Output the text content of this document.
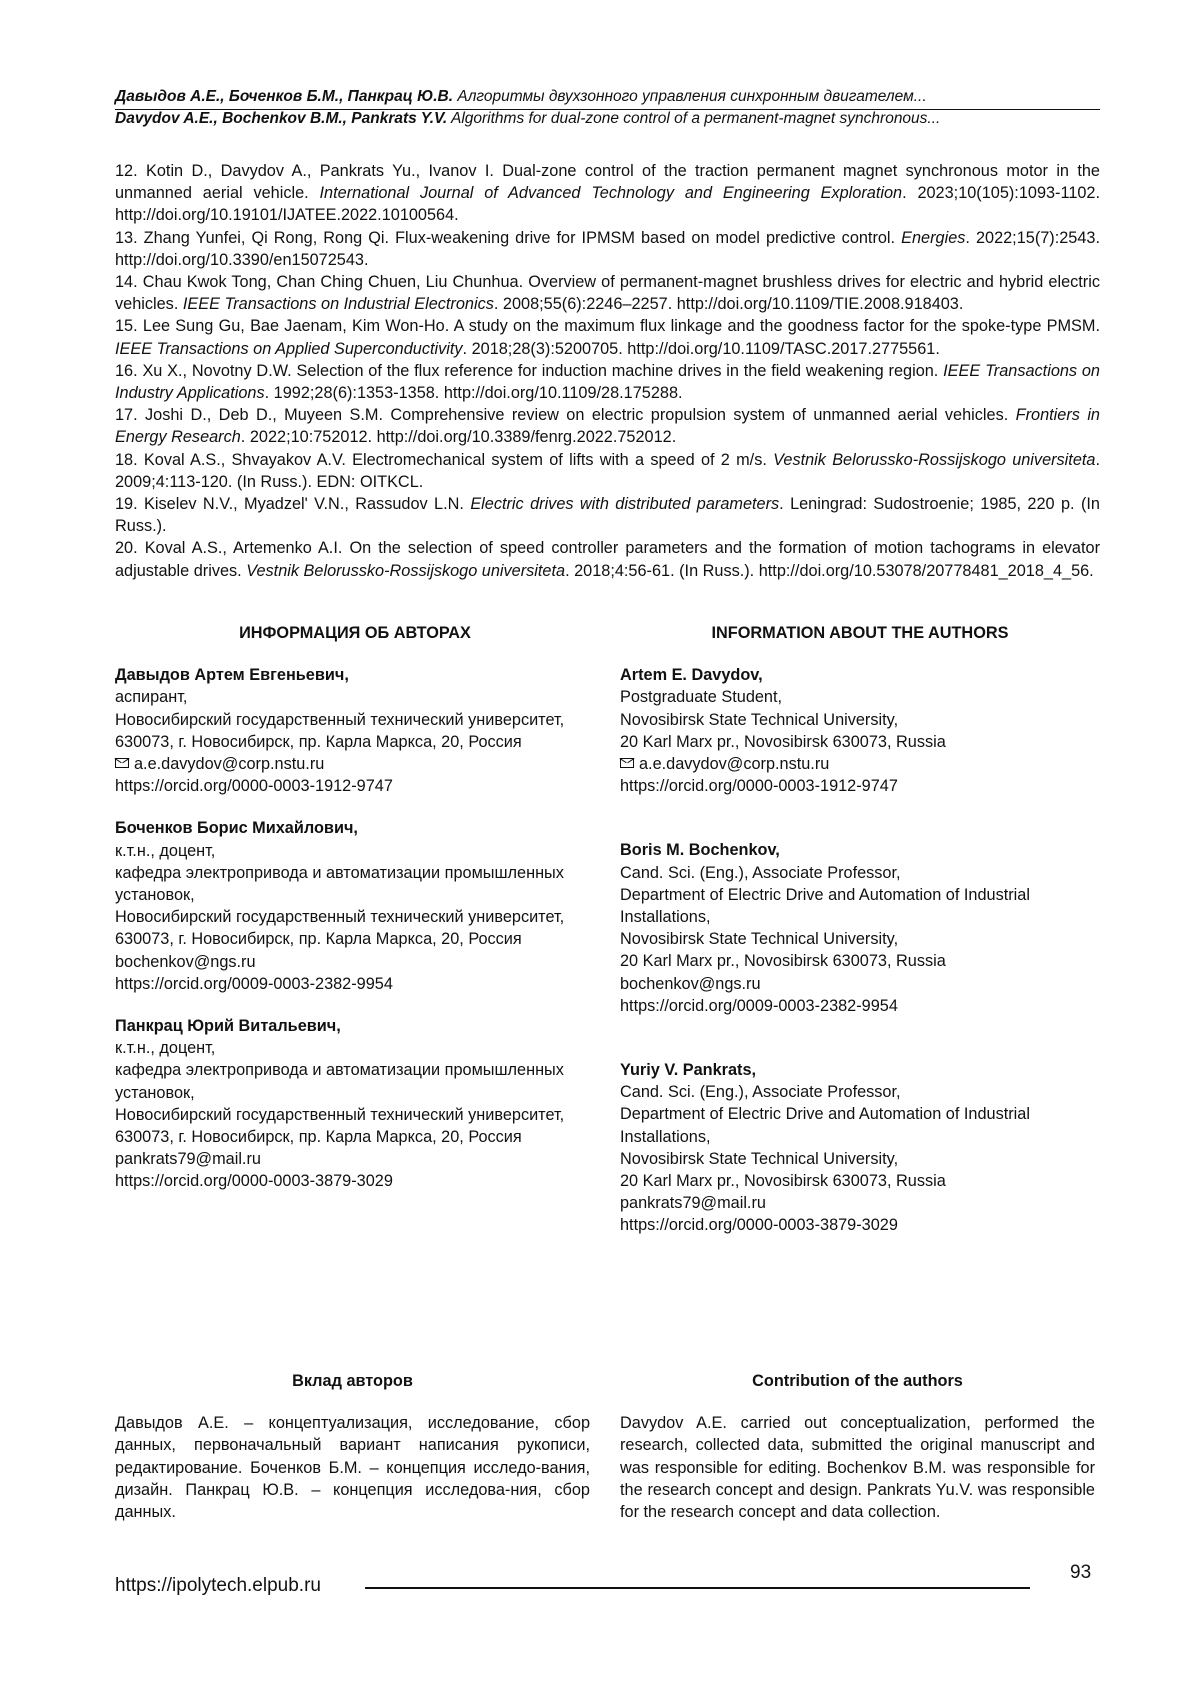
Давыдов А.Е., Боченков Б.М., Панкрац Ю.В. Алгоритмы двухзонного управления синхронным двигателем...
Davydov A.E., Bochenkov B.M., Pankrats Y.V. Algorithms for dual-zone control of a permanent-magnet synchronous...

12. Kotin D., Davydov A., Pankrats Yu., Ivanov I. Dual-zone control of the traction permanent magnet synchronous motor in the unmanned aerial vehicle. International Journal of Advanced Technology and Engineering Exploration. 2023;10(105):1093-1102. http://doi.org/10.19101/IJATEE.2022.10100564.

13. Zhang Yunfei, Qi Rong, Rong Qi. Flux-weakening drive for IPMSM based on model predictive control. Energies. 2022;15(7):2543. http://doi.org/10.3390/en15072543.

14. Chau Kwok Tong, Chan Ching Chuen, Liu Chunhua. Overview of permanent-magnet brushless drives for electric and hybrid electric vehicles. IEEE Transactions on Industrial Electronics. 2008;55(6):2246–2257. http://doi.org/10.1109/TIE.2008.918403.

15. Lee Sung Gu, Bae Jaenam, Kim Won-Ho. A study on the maximum flux linkage and the goodness factor for the spoke-type PMSM. IEEE Transactions on Applied Superconductivity. 2018;28(3):5200705. http://doi.org/10.1109/TASC.2017.2775561.

16. Xu X., Novotny D.W. Selection of the flux reference for induction machine drives in the field weakening region. IEEE Transactions on Industry Applications. 1992;28(6):1353-1358. http://doi.org/10.1109/28.175288.

17. Joshi D., Deb D., Muyeen S.M. Comprehensive review on electric propulsion system of unmanned aerial vehicles. Frontiers in Energy Research. 2022;10:752012. http://doi.org/10.3389/fenrg.2022.752012.

18. Koval A.S., Shvayakov A.V. Electromechanical system of lifts with a speed of 2 m/s. Vestnik Belorussko-Rossijskogo universiteta. 2009;4:113-120. (In Russ.). EDN: OITKCL.

19. Kiselev N.V., Myadzel' V.N., Rassudov L.N. Electric drives with distributed parameters. Leningrad: Sudostroenie; 1985, 220 p. (In Russ.).

20. Koval A.S., Artemenko A.I. On the selection of speed controller parameters and the formation of motion tachograms in elevator adjustable drives. Vestnik Belorussko-Rossijskogo universiteta. 2018;4:56-61. (In Russ.). http://doi.org/10.53078/20778481_2018_4_56.

ИНФОРМАЦИЯ ОБ АВТОРАХ

Давыдов Артем Евгеньевич,
аспирант,
Новосибирский государственный технический университет,
630073, г. Новосибирск, пр. Карла Маркса, 20, Россия
a.e.davydov@corp.nstu.ru
https://orcid.org/0000-0003-1912-9747
Боченков Борис Михайлович,
к.т.н., доцент,
кафедра электропривода и автоматизации промышленных установок,
Новосибирский государственный технический университет,
630073, г. Новосибирск, пр. Карла Маркса, 20, Россия
bochenkov@ngs.ru
https://orcid.org/0009-0003-2382-9954
Панкрац Юрий Витальевич,
к.т.н., доцент,
кафедра электропривода и автоматизации промышленных установок,
Новосибирский государственный технический университет,
630073, г. Новосибирск, пр. Карла Маркса, 20, Россия
pankrats79@mail.ru
https://orcid.org/0000-0003-3879-3029

INFORMATION ABOUT THE AUTHORS

Artem E. Davydov,
Postgraduate Student,
Novosibirsk State Technical University,
20 Karl Marx pr., Novosibirsk 630073, Russia
a.e.davydov@corp.nstu.ru
https://orcid.org/0000-0003-1912-9747
Boris M. Bochenkov,
Cand. Sci. (Eng.), Associate Professor,
Department of Electric Drive and Automation of Industrial Installations,
Novosibirsk State Technical University,
20 Karl Marx pr., Novosibirsk 630073, Russia
bochenkov@ngs.ru
https://orcid.org/0009-0003-2382-9954
Yuriy V. Pankrats,
Cand. Sci. (Eng.), Associate Professor,
Department of Electric Drive and Automation of Industrial Installations,
Novosibirsk State Technical University,
20 Karl Marx pr., Novosibirsk 630073, Russia
pankrats79@mail.ru
https://orcid.org/0000-0003-3879-3029

Вклад авторов

Давыдов А.Е. – концептуализация, исследование, сбор данных, первоначальный вариант написания рукописи, редактирование. Боченков Б.М. – концепция исследо-вания, дизайн. Панкрац Ю.В. – концепция исследова-ния, сбор данных.

Contribution of the authors

Davydov A.E. carried out conceptualization, performed the research, collected data, submitted the original manuscript and was responsible for editing. Bochenkov B.M. was responsible for the research concept and design. Pankrats Yu.V. was responsible for the research concept and data collection.

https://ipolytech.elpub.ru
93
